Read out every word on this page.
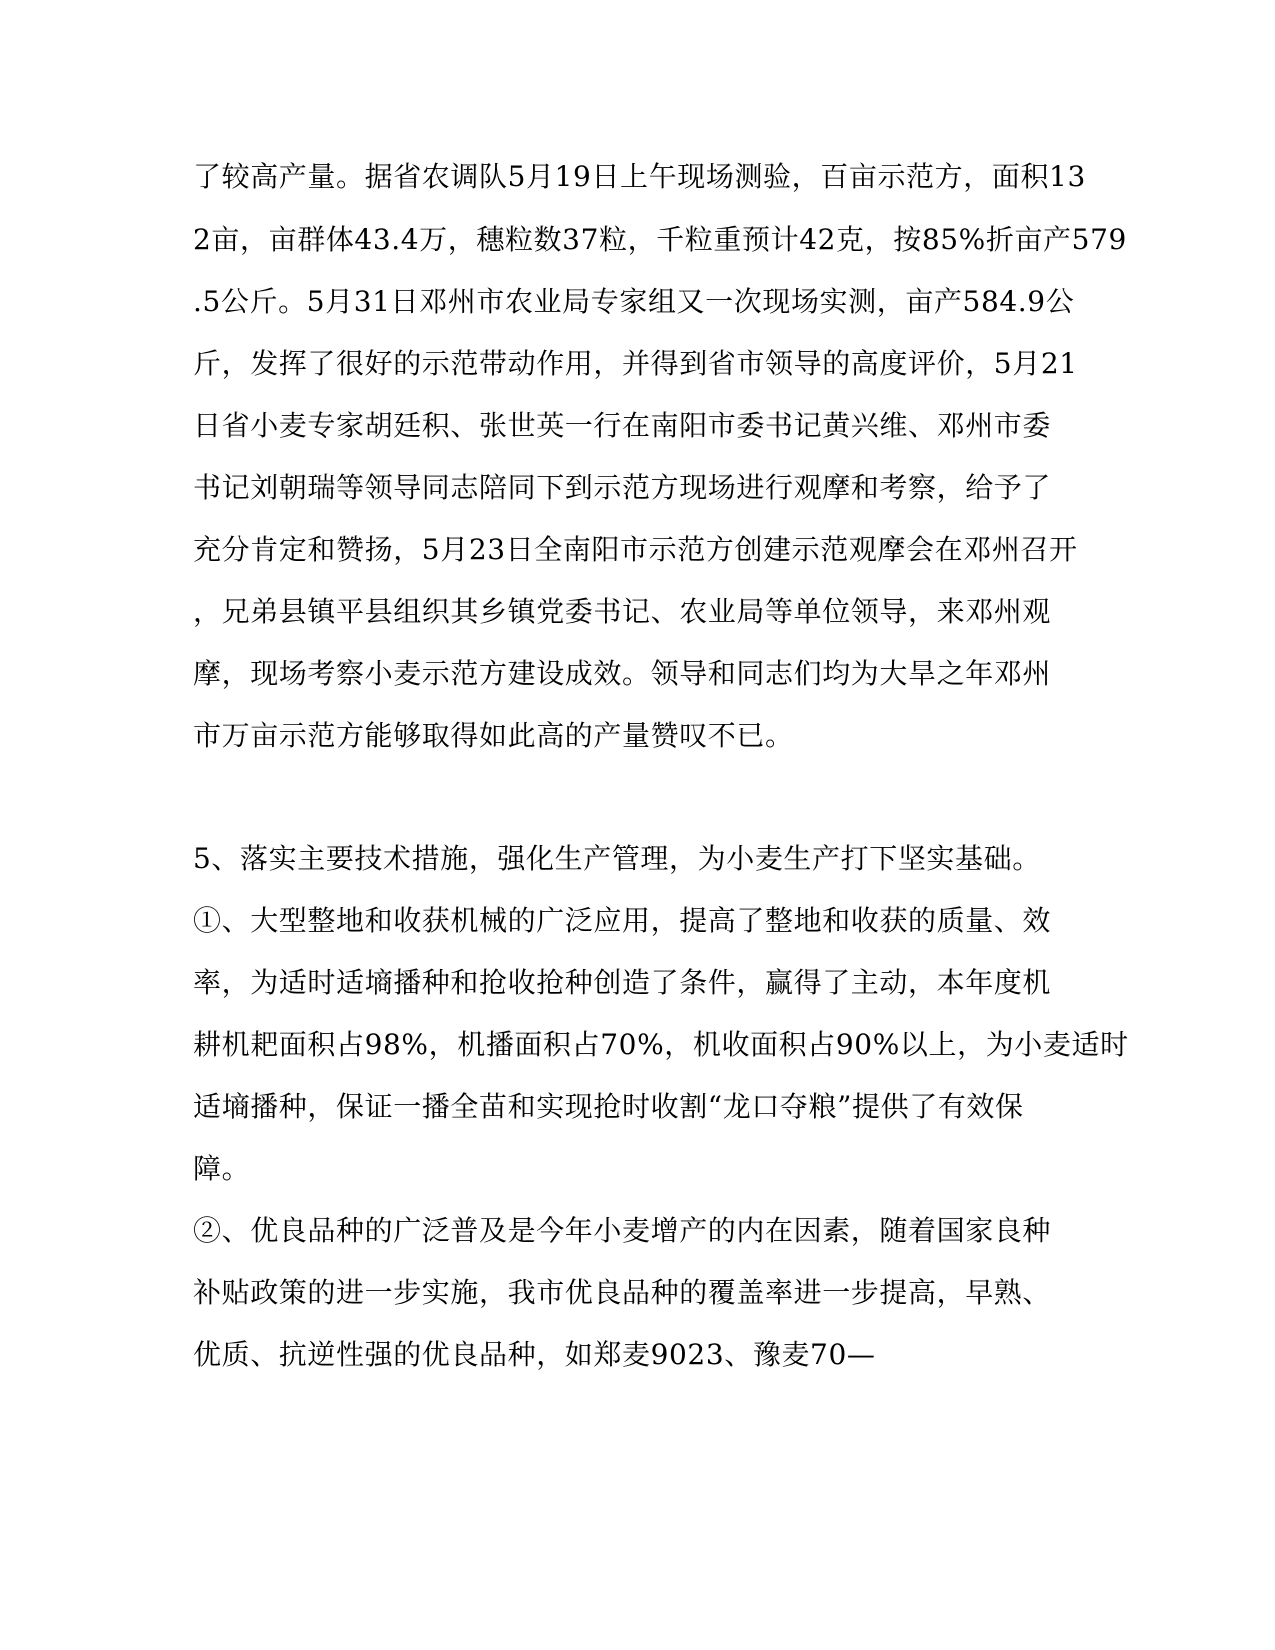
了较高产量。据省农调队5月19日上午现场测验，百亩示范方，面积13
2亩，亩群体43.4万，穗粒数37粒，千粒重预计42克，按85%折亩产579
.5公斤。5月31日邓州市农业局专家组又一次现场实测，亩产584.9公
斤，发挥了很好的示范带动作用，并得到省市领导的高度评价，5月21
日省小麦专家胡廷积、张世英一行在南阳市委书记黄兴维、邓州市委
书记刘朝瑞等领导同志陪同下到示范方现场进行观摩和考察，给予了
充分肯定和赞扬，5月23日全南阳市示范方创建示范观摩会在邓州召开
，兄弟县镇平县组织其乡镇党委书记、农业局等单位领导，来邓州观
摩，现场考察小麦示范方建设成效。领导和同志们均为大旱之年邓州
市万亩示范方能够取得如此高的产量赞叹不已。
5、落实主要技术措施，强化生产管理，为小麦生产打下坚实基础。
①、大型整地和收获机械的广泛应用，提高了整地和收获的质量、效
率，为适时适墒播种和抢收抢种创造了条件，赢得了主动，本年度机
耕机耙面积占98%，机播面积占70%，机收面积占90%以上，为小麦适时
适墒播种，保证一播全苗和实现抢时收割“龙口夺粮”提供了有效保
障。
②、优良品种的广泛普及是今年小麦增产的内在因素，随着国家良种
补贴政策的进一步实施，我市优良品种的覆盖率进一步提高，早熟、
优质、抗逆性强的优良品种，如郑麦9023、豫麦70—
